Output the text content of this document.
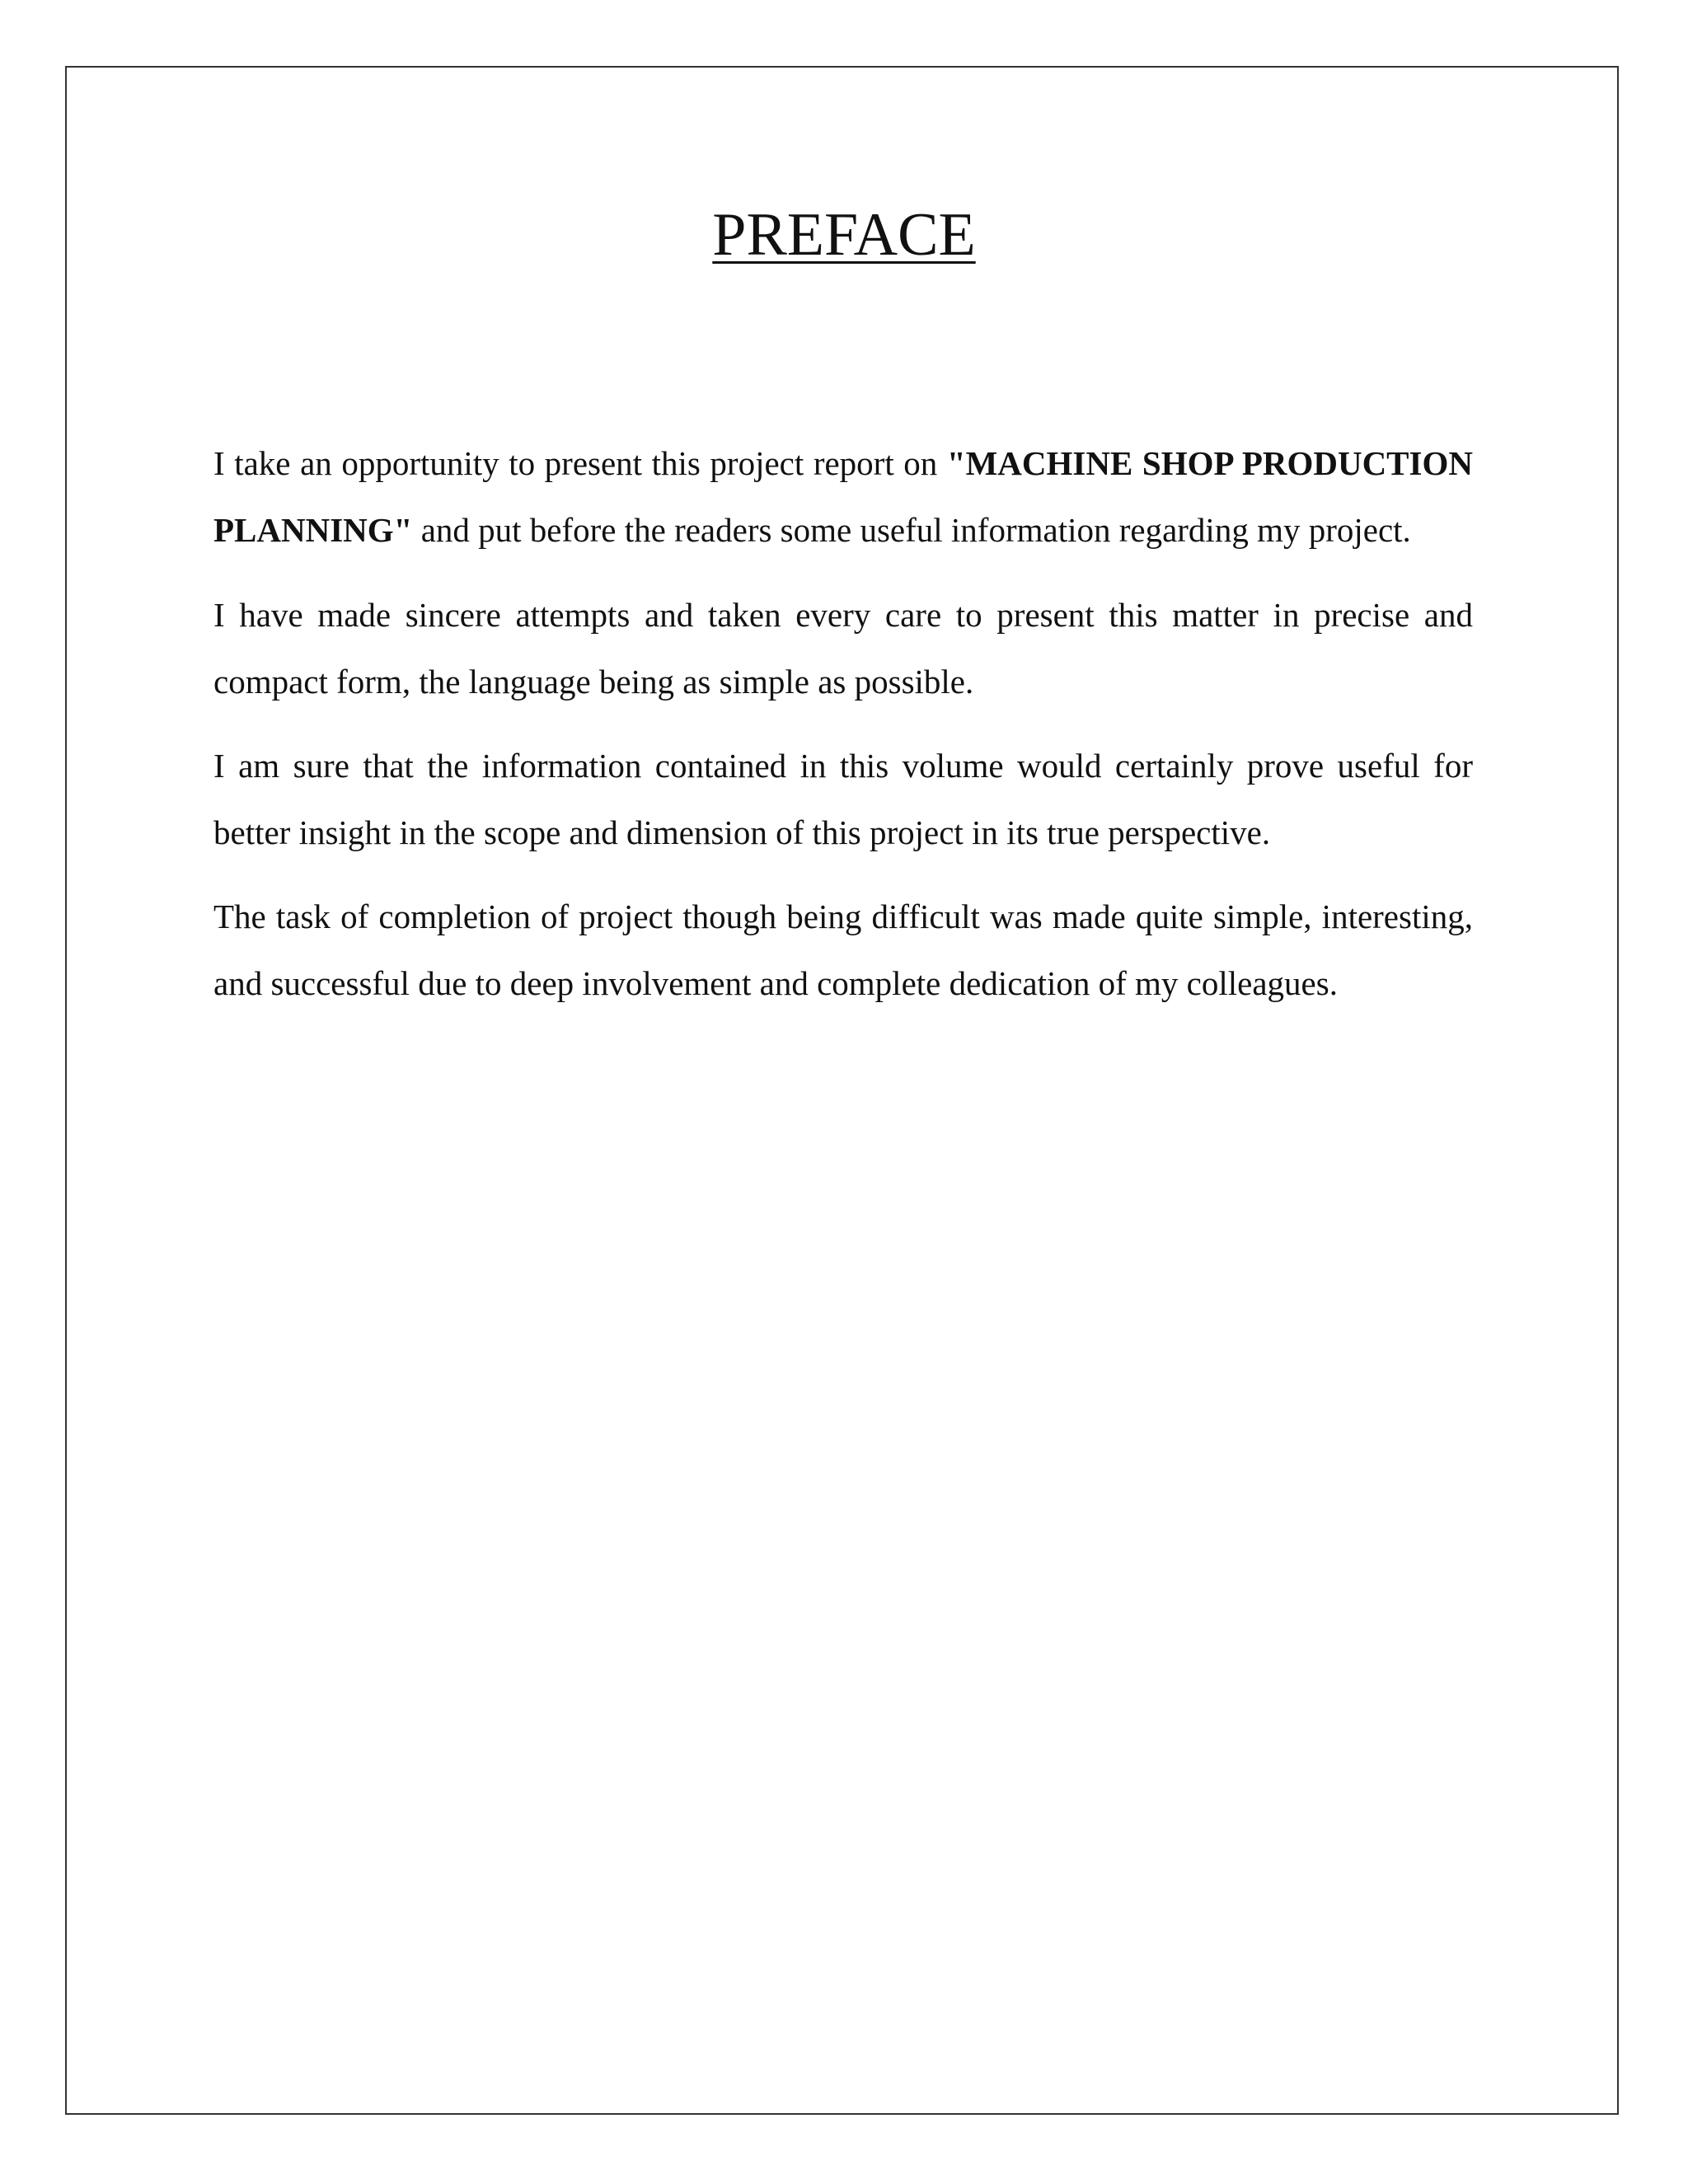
PREFACE

I take an opportunity to present this project report on "MACHINE SHOP PRODUCTION PLANNING" and put before the readers some useful information regarding my project.

I have made sincere attempts and taken every care to present this matter in precise and compact form, the language being as simple as possible.

I am sure that the information contained in this volume would certainly prove useful for better insight in the scope and dimension of this project in its true perspective.

The task of completion of project though being difficult was made quite simple, interesting, and successful due to deep involvement and complete dedication of my colleagues.
